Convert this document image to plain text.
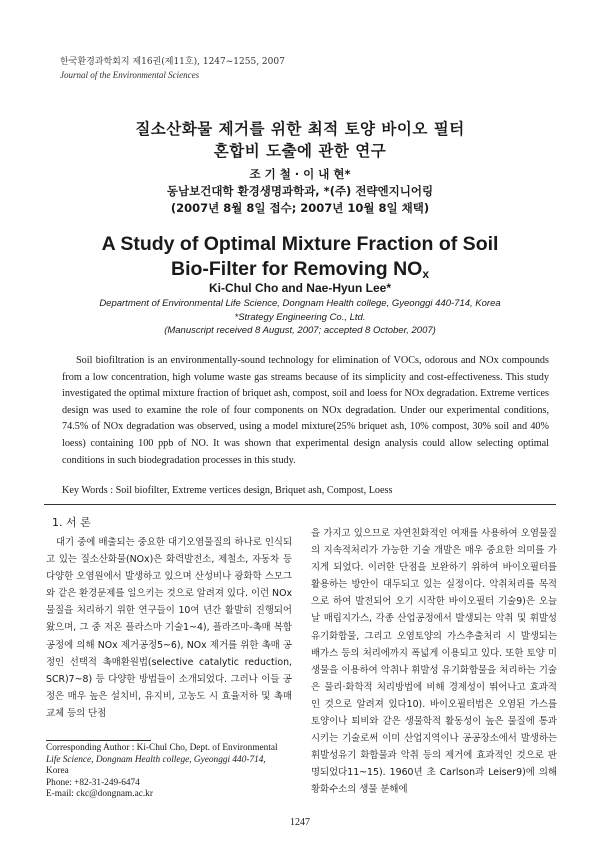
한국환경과학회지 제16권(제11호), 1247~1255, 2007
Journal of the Environmental Sciences
질소산화물 제거를 위한 최적 토양 바이오 필터
혼합비 도출에 관한 연구
조 기 철 · 이 내 현*
동남보건대학 환경생명과학과, *(주) 전략엔지니어링
(2007년 8월 8일 접수; 2007년 10월 8일 채택)
A Study of Optimal Mixture Fraction of Soil
Bio-Filter for Removing $NO_x$
Ki-Chul Cho and Nae-Hyun Lee*
Department of Environmental Life Science, Dongnam Health college, Gyeonggi 440-714, Korea
*Strategy Engineering Co., Ltd.
(Manuscript received 8 August, 2007; accepted 8 October, 2007)
Soil biofiltration is an environmentally-sound technology for elimination of VOCs, odorous and NOx compounds from a low concentration, high volume waste gas streams because of its simplicity and cost-effectiveness. This study investigated the optimal mixture fraction of briquet ash, compost, soil and loess for NOx degradation. Extreme vertices design was used to examine the role of four components on NOx degradation. Under our experimental conditions, 74.5% of NOx degradation was observed, using a model mixture(25% briquet ash, 10% compost, 30% soil and 40% loess) containing 100 ppb of NO. It was shown that experimental design analysis could allow selecting optimal conditions in such biodegradation processes in this study.
Key Words : Soil biofilter, Extreme vertices design, Briquet ash, Compost, Loess
1. 서 론
대기 중에 배출되는 중요한 대기오염물질의 하나로 인식되고 있는 질소산화물(NOx)은 화력발전소, 제철소, 자동차 등 다양한 오염원에서 발생하고 있으며 산성비나 광화학 스모그와 같은 환경문제를 일으키는 것으로 알려져 있다. 이런 NOx 물질을 처리하기 위한 연구들이 10여 년간 활발히 진행되어 왔으며, 그 중 저온 플라스마 기술1~4), 플라즈마-촉매 복합 공정에 의해 NOx 제거공정5~6), NOx 제거를 위한 촉매 공정인 선택적 촉매환원법(selective catalytic reduction, SCR)7~8) 등 다양한 방법들이 소개되었다. 그러나 이들 공정은 매우 높은 설치비, 유지비, 고농도 시 효율저하 및 촉매교체 등의 단점
을 가지고 있으므로 자연친화적인 여재를 사용하여 오염물질의 지속적처리가 가능한 기술 개발은 매우 중요한 의미를 가지게 되었다. 이러한 단점을 보완하기 위하여 바이오필터를 활용하는 방안이 대두되고 있는 실정이다. 악취처리를 목적으로 하여 발전되어 오기 시작한 바이오필터 기술9)은 오늘날 매립지가스, 각종 산업공정에서 발생되는 악취 및 휘발성 유기화합물, 그리고 오염토양의 가스추출처리 시 발생되는 배가스 등의 처리에까지 폭넓게 이용되고 있다. 또한 토양 미생물을 이용하여 악취나 휘발성 유기화합물을 처리하는 기술은 물리·화학적 처리방법에 비해 경제성이 뛰어나고 효과적인 것으로 알려져 있다10). 바이오필터법은 오염된 가스를 토양이나 퇴비와 같은 생물학적 활동성이 높은 물질에 통과시키는 기술로써 이미 산업지역이나 공공장소에서 발생하는 휘발성유기 화합물과 악취 등의 제거에 효과적인 것으로 판명되었다11~15). 1960년 초 Carlson과 Leiser9)에 의해 황화수소의 생물 분해에
Corresponding Author : Ki-Chul Cho, Dept. of Environmental
Life Science, Dongnam Health college, Gyeonggi 440-714,
Korea
Phone: +82-31-249-6474
E-mail: ckc@dongnam.ac.kr
1247
